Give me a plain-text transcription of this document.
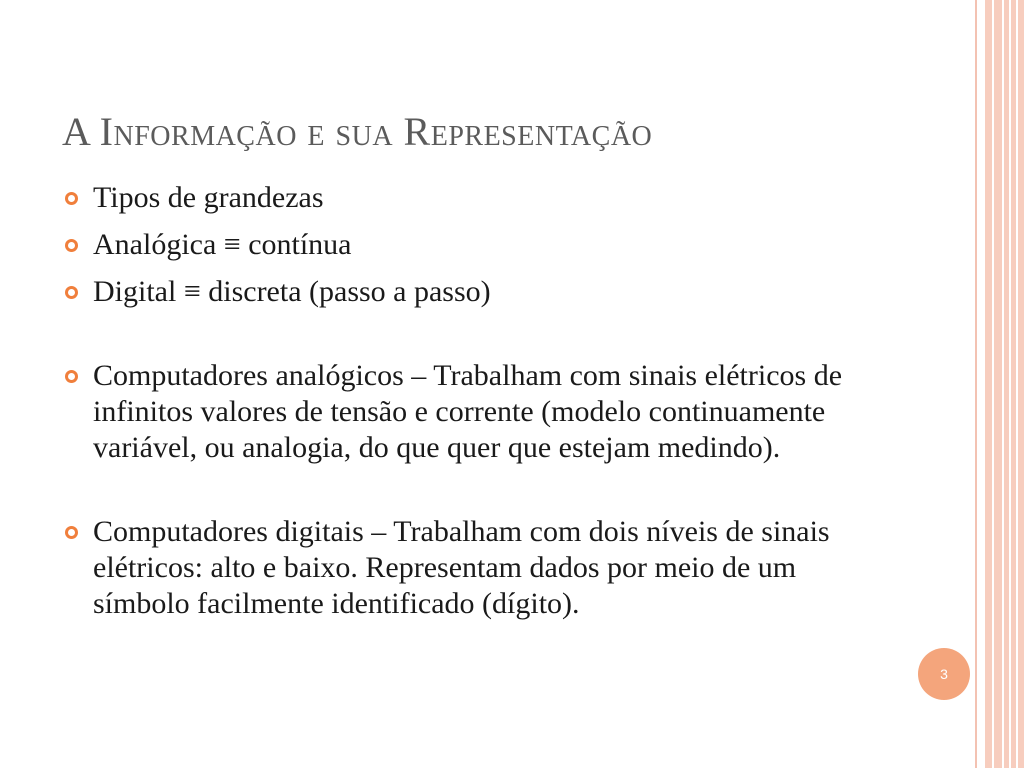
A Informação e sua Representação
Tipos de grandezas
Analógica ≡ contínua
Digital ≡ discreta (passo a passo)
Computadores analógicos – Trabalham com sinais elétricos de infinitos valores de tensão e corrente (modelo continuamente variável, ou analogia, do que quer que estejam medindo).
Computadores digitais – Trabalham com dois níveis de sinais elétricos: alto e baixo. Representam dados por meio de um símbolo facilmente identificado (dígito).
3
